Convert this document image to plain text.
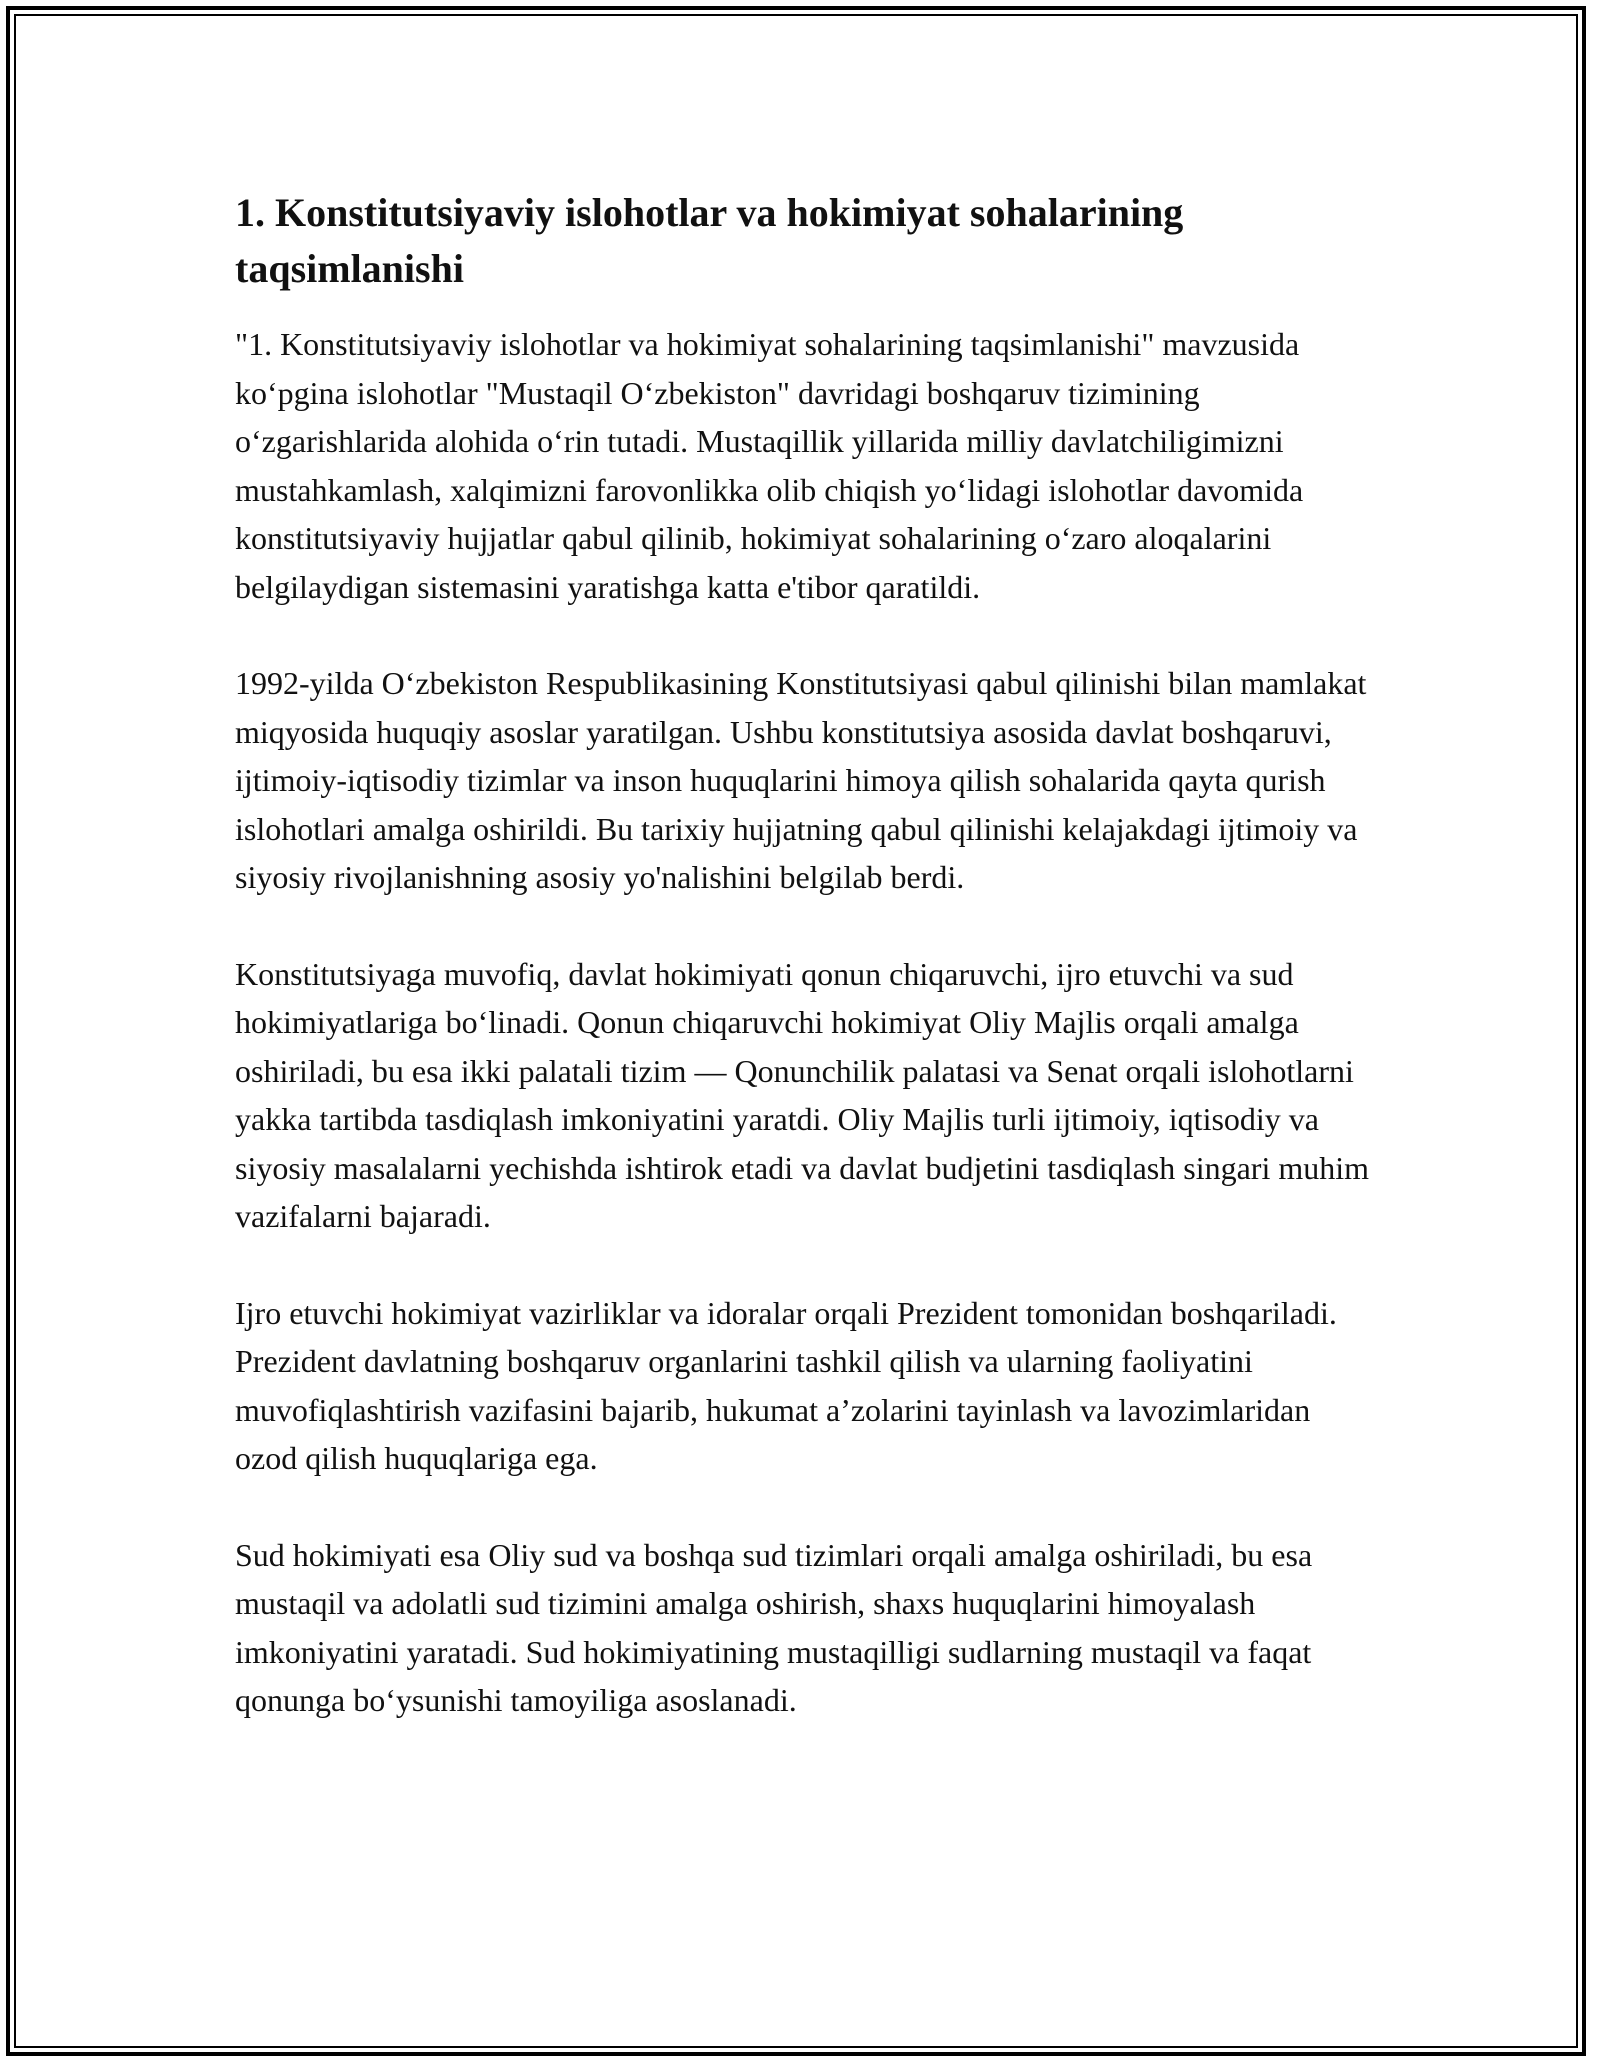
1. Konstitutsiyaviy islohotlar va hokimiyat sohalarining taqsimlanishi

"1. Konstitutsiyaviy islohotlar va hokimiyat sohalarining taqsimlanishi" mavzusida koʻpgina islohotlar "Mustaqil Oʻzbekiston" davridagi boshqaruv tizimining oʻzgarishlarida alohida oʻrin tutadi. Mustaqillik yillarida milliy davlatchiligimizni mustahkamlash, xalqimizni farovonlikka olib chiqish yoʻlidagi islohotlar davomida konstitutsiyaviy hujjatlar qabul qilinib, hokimiyat sohalarining oʻzaro aloqalarini belgilaydigan sistemasini yaratishga katta e'tibor qaratildi.

1992-yilda Oʻzbekiston Respublikasining Konstitutsiyasi qabul qilinishi bilan mamlakat miqyosida huquqiy asoslar yaratilgan. Ushbu konstitutsiya asosida davlat boshqaruvi, ijtimoiy-iqtisodiy tizimlar va inson huquqlarini himoya qilish sohalarida qayta qurish islohotlari amalga oshirildi. Bu tarixiy hujjatning qabul qilinishi kelajakdagi ijtimoiy va siyosiy rivojlanishning asosiy yo'nalishini belgilab berdi.

Konstitutsiyaga muvofiq, davlat hokimiyati qonun chiqaruvchi, ijro etuvchi va sud hokimiyatlariga boʻlinadi. Qonun chiqaruvchi hokimiyat Oliy Majlis orqali amalga oshiriladi, bu esa ikki palatali tizim — Qonunchilik palatasi va Senat orqali islohotlarni yakka tartibda tasdiqlash imkoniyatini yaratdi. Oliy Majlis turli ijtimoiy, iqtisodiy va siyosiy masalalarni yechishda ishtirok etadi va davlat budjetini tasdiqlash singari muhim vazifalarni bajaradi.

Ijro etuvchi hokimiyat vazirliklar va idoralar orqali Prezident tomonidan boshqariladi. Prezident davlatning boshqaruv organlarini tashkil qilish va ularning faoliyatini muvofiqlashtirish vazifasini bajarib, hukumat a’zolarini tayinlash va lavozimlaridan ozod qilish huquqlariga ega.

Sud hokimiyati esa Oliy sud va boshqa sud tizimlari orqali amalga oshiriladi, bu esa mustaqil va adolatli sud tizimini amalga oshirish, shaxs huquqlarini himoyalash imkoniyatini yaratadi. Sud hokimiyatining mustaqilligi sudlarning mustaqil va faqat qonunga boʻysunishi tamoyiliga asoslanadi.
